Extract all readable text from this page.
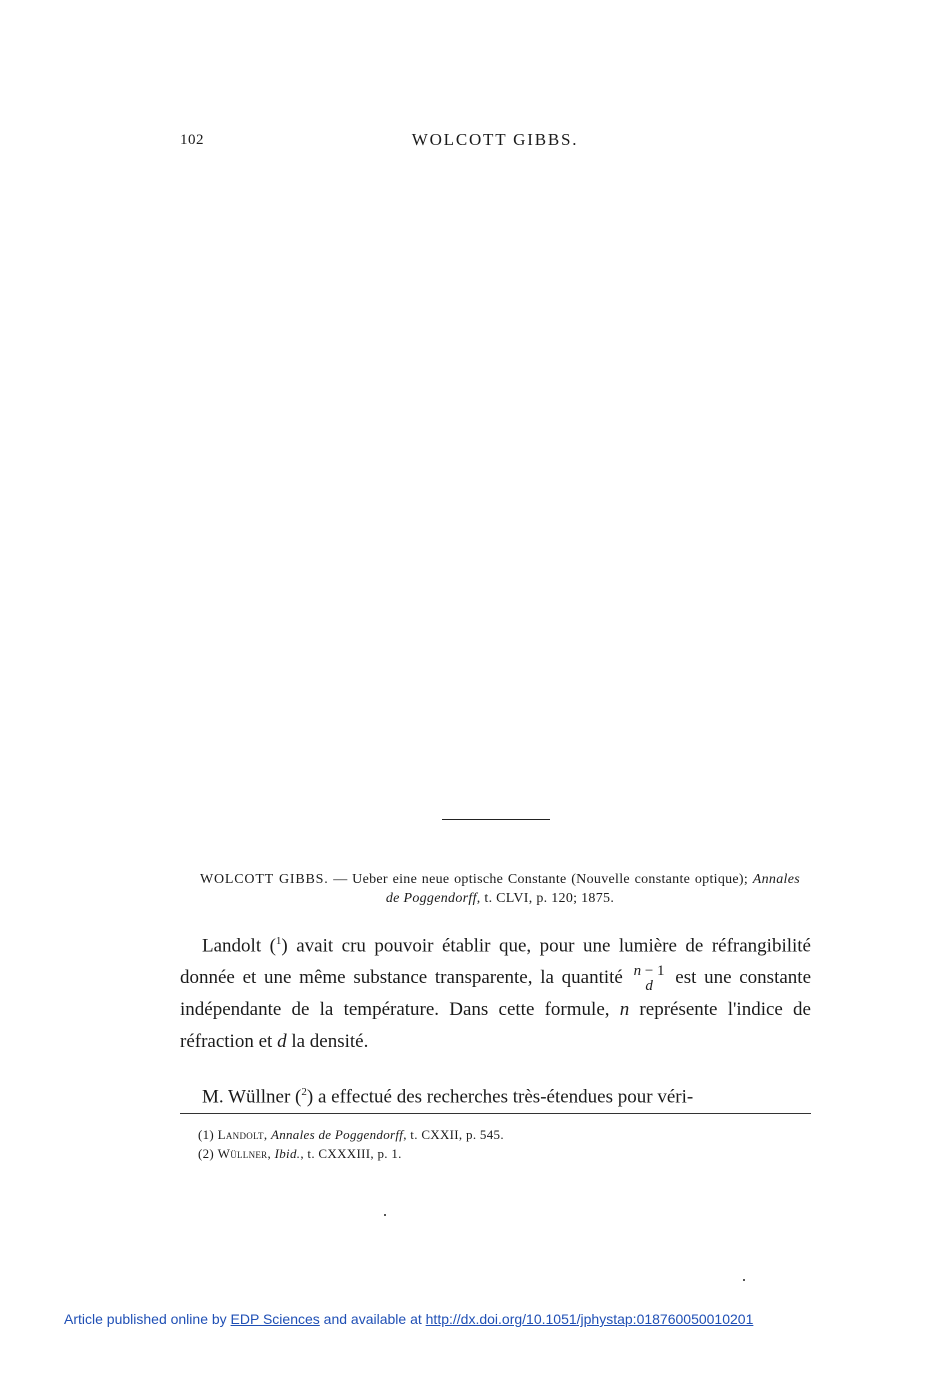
102	WOLCOTT GIBBS.
WOLCOTT GIBBS. — Ueber eine neue optische Constante (Nouvelle constante optique); Annales de Poggendorff, t. CLVI, p. 120; 1875.
Landolt ($^1$) avait cru pouvoir établir que, pour une lumière de réfrangibilité donnée et une même substance transparente, la quantité n − 1
d est une constante indépendante de la température. Dans cette formule, n représente l'indice de réfraction et d la densité.
M. Wüllner ($^2$) a effectué des recherches très-étendues pour véri-
(1) Landolt, Annales de Poggendorff, t. CXXII, p. 545.
(2) Wüllner, Ibid., t. CXXXIII, p. 1.
Article published online by EDP Sciences and available at http://dx.doi.org/10.1051/jphystap:018760050010201
